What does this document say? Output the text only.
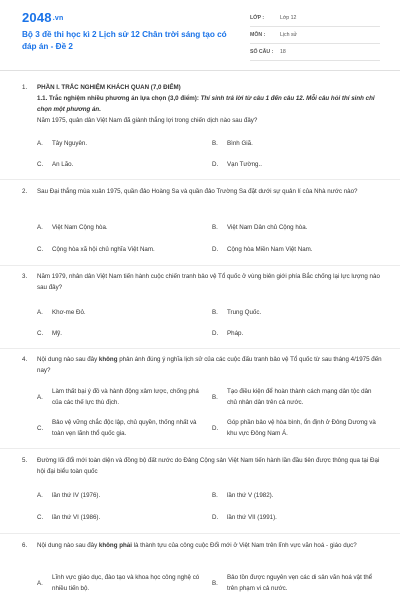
2048.vn
Bộ 3 đề thi học kì 2 Lịch sử 12 Chân trời sáng tạo có đáp án - Đề 2
LỚP :	Lớp 12
MÔN :	Lịch sử
SỐ CÂU :	18
1. PHẦN I. TRẮC NGHIỆM KHÁCH QUAN (7,0 ĐIỂM)
1.1. Trắc nghiệm nhiều phương án lựa chọn (3,0 điểm): Thí sinh trả lời từ câu 1 đến câu 12. Mỗi câu hỏi thí sinh chỉ chọn một phương án.
Năm 1975, quân dân Việt Nam đã giành thắng lợi trong chiến dịch nào sau đây?
A. Tây Nguyên.	B. Bình Giã.
C. An Lão.	D. Vạn Tường..
2. Sau Đại thắng mùa xuân 1975, quần đảo Hoàng Sa và quần đảo Trường Sa đặt dưới sự quản lí của Nhà nước nào?
A. Việt Nam Cộng hòa.	B. Việt Nam Dân chủ Cộng hòa.
C. Cộng hòa xã hội chủ nghĩa Việt Nam.	D. Cộng hòa Miền Nam Việt Nam.
3. Năm 1979, nhân dân Việt Nam tiến hành cuộc chiến tranh bảo vệ Tổ quốc ở vùng biên giới phía Bắc chống lại lực lượng nào sau đây?
A. Khơ-me Đỏ.	B. Trung Quốc.
C. Mỹ.	D. Pháp.
4. Nội dung nào sau đây không phản ánh đúng ý nghĩa lịch sử của các cuộc đấu tranh bảo vệ Tổ quốc từ sau tháng 4/1975 đến nay?
A.
Làm thất bại ý đồ và hành động xâm lược, chống phá của các thế lực thù địch.
B.
Tạo điều kiện để hoàn thành cách mạng dân tộc dân chủ nhân dân trên cả nước.
C.
Bảo vệ vững chắc độc lập, chủ quyền, thống nhất và toàn vẹn lãnh thổ quốc gia.
D.
Góp phần bảo vệ hòa bình, ổn định ở Đông Dương và khu vực Đông Nam Á.
5. Đường lối đổi mới toàn diện và đồng bộ đất nước do Đảng Cộng sản Việt Nam tiến hành lần đầu tiên được thông qua tại Đại hội đại biểu toàn quốc
A. lần thứ IV (1976).	B. lần thứ V (1982).
C. lần thứ VI (1986).	D. lần thứ VII (1991).
6. Nội dung nào sau đây không phải là thành tựu của công cuộc Đổi mới ở Việt Nam trên lĩnh vực văn hoá - giáo dục?
A.
Lĩnh vực giáo dục, đào tạo và khoa học công nghệ có nhiều tiến bộ.
B.
Bảo tồn được nguyên vẹn các di sản văn hoá vật thể trên phạm vi cả nước.
